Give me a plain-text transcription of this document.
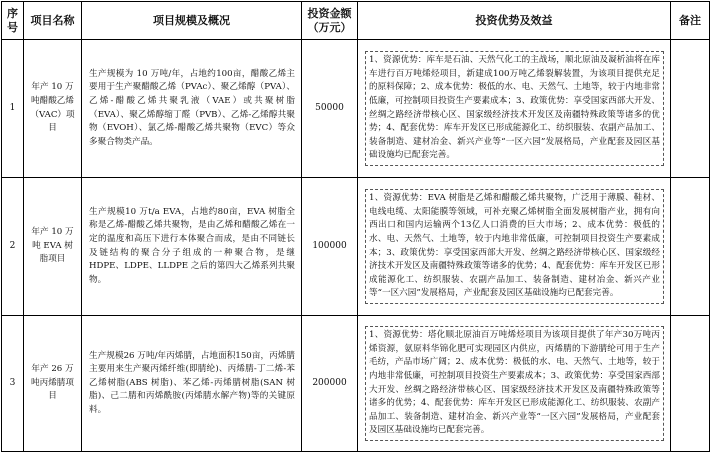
序号	项目名称	项目规模及概况	投资金额（万元）	投资优势及效益	备注
1	年产 10 万吨醋酸乙烯（VAC）项目	生产规模为 10 万吨/年，占地约100亩，醋酸乙烯主要用于生产聚醋酸乙烯（PVAc）、聚乙烯醇（PVA）、乙烯-醋酸乙烯共聚乳液（VAE）或共聚树脂（EVA）、聚乙烯醇缩丁醛（PVB）、乙烯-乙烯醇共聚物（EVOH）、氯乙烯-醋酸乙烯共聚物（EVC）等众多聚合物类产品。	50000	1、资源优势：库车是石油、天然气化工的主战场，顺北原油及凝析油将在库车进行百万吨烯烃项目，新建成100万吨乙烯裂解装置，为该项目提供充足的原料保障；2、成本优势：极低的水、电、天然气、土地等，较于内地非常低廉，可控制项目投资生产要素成本；3、政策优势：享受国家西部大开发、丝绸之路经济带核心区、国家级经济技术开发区及南疆特殊政策等诸多的优势；4、配套优势：库车开发区已形成能源化工、纺织服装、农副产品加工、装备制造、建材冶金、新兴产业等“一区六园”发展格局，产业配套及园区基础设施均已配套完善。	

2	年产 10 万吨 EVA 树脂项目	生产规模10 万t/a EVA，占地约80亩，EVA 树脂全称是乙烯-醋酸乙烯共聚物，是由乙烯和醋酸乙烯在一定的温度和高压下进行本体聚合而成，是由不同链长及链结构的聚合分子组成的一种聚合物，是继 HDPE、LDPE、LLDPE 之后的第四大乙烯系列共聚物。	100000	1、资源优势：EVA 树脂是乙烯和醋酸乙烯共聚物，广泛用于薄膜、鞋材、电线电缆、太阳能膜等领域，可补充聚乙烯树脂全面发展树脂产业，拥有向西出口和国内运输两个13亿人口消费的巨大市场；2、成本优势：极低的水、电、天然气、土地等，较于内地非常低廉，可控制项目投资生产要素成本；3、政策优势：享受国家西部大开发、丝绸之路经济带核心区、国家级经济技术开发区及南疆特殊政策等诸多的优势；4、配套优势：库车开发区已形成能源化工、纺织服装、农副产品加工、装备制造、建材冶金、新兴产业等“一区六园”发展格局，产业配套及园区基础设施均已配套完善。	

3	年产 26 万吨丙烯腈项目	生产规模26 万吨/年丙烯腈，占地面积150亩，丙烯腈主要用来生产聚丙烯纤维(即腈纶)、丙烯腈-丁二烯-苯乙烯树脂(ABS 树脂)、苯乙烯-丙烯腈树脂(SAN 树脂)、己二腈和丙烯酰胺(丙烯腈水解产物)等的关键原料。	200000	1、资源优势：塔化顺北原油百万吨烯烃项目为该项目提供了年产30万吨丙烯资源，氨原料华锦化肥可实现园区内供应，丙烯腈的下游腈纶可用于生产毛纺，产品市场广阔；2、成本优势：极低的水、电、天然气、土地等，较于内地非常低廉，可控制项目投资生产要素成本；3、政策优势：享受国家西部大开发、丝绸之路经济带核心区、国家级经济技术开发区及南疆特殊政策等诸多的优势；4、配套优势：库车开发区已形成能源化工、纺织服装、农副产品加工、装备制造、建材冶金、新兴产业等“一区六园”发展格局，产业配套及园区基础设施均已配套完善。	
